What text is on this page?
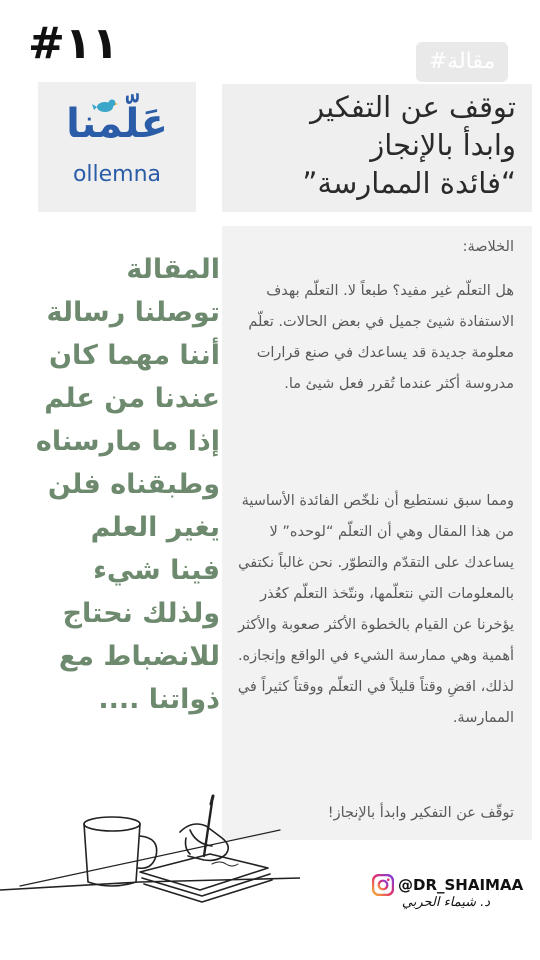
#١١	#مقالة
عَلّمنا
ollemna
توقف عن التفكير
وابدأ بالإنجاز
“فائدة الممارسة”
الخلاصة:
هل التعلّم غير مفيد؟ طبعاً لا. التعلّم بهدف الاستفادة شيئ جميل في بعض الحالات. تعلّم معلومة جديدة قد يساعدك في صنع قرارات مدروسة أكثر عندما تُقرر فعل شيئ ما.
ومما سبق نستطيع أن نلخّص الفائدة الأساسية من هذا المقال وهي أن التعلّم “لوحده” لا يساعدك على التقدّم والتطوّر. نحن غالباً نكتفي بالمعلومات التي نتعلّمها، ونتّخذ التعلّم كعُذر يؤخرنا عن القيام بالخطوة الأكثر صعوبة والأكثر أهمية وهي ممارسة الشيء في الواقع وإنجازه. لذلك، اقضِ وقتاً قليلاً في التعلّم ووقتاً كثيراً في الممارسة.
توقّف عن التفكير وابدأ بالإنجاز!
المقالة
توصلنا رسالة
أننا مهما كان
عندنا من علم
إذا ما مارسناه
وطبقناه فلن
يغير العلم
فينا شيء
ولذلك نحتاج
للانضباط مع
ذواتنا ....
@DR_SHAIMAA
د. شيماء الحربي
